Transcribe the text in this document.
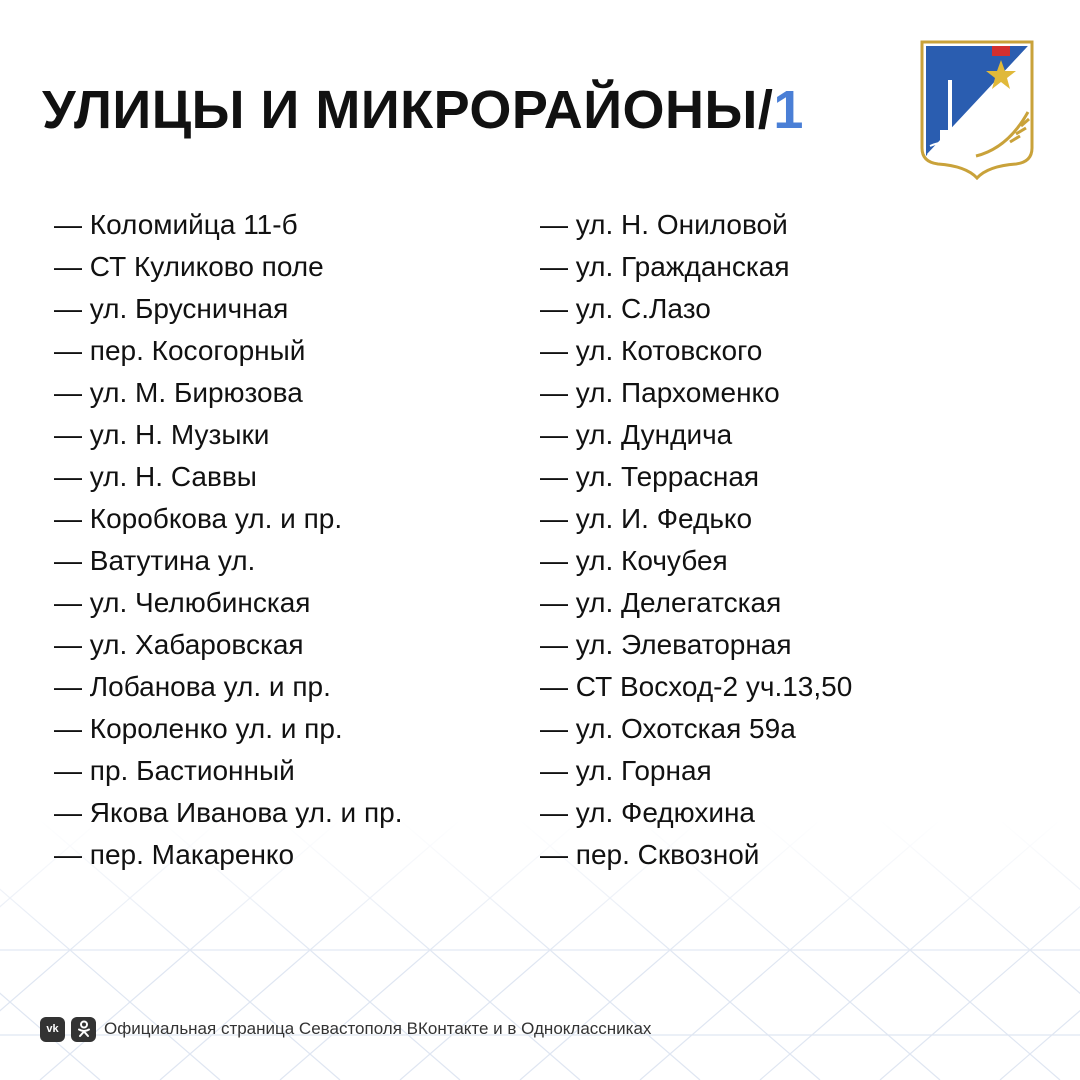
УЛИЦЫ И МИКРОРАЙОНЫ/1
— Коломийца 11-б
— СТ Куликово поле
— ул. Брусничная
— пер. Косогорный
— ул. М. Бирюзова
— ул. Н. Музыки
— ул. Н. Саввы
— Коробкова ул. и пр.
— Ватутина ул.
— ул. Челюбинская
— ул. Хабаровская
— Лобанова ул. и пр.
— Короленко ул. и пр.
— пр. Бастионный
— Якова Иванова ул. и пр.
— пер. Макаренко
— ул. Н. Ониловой
— ул. Гражданская
— ул. С.Лазо
— ул. Котовского
— ул. Пархоменко
— ул. Дундича
— ул. Террасная
— ул. И. Федько
— ул. Кочубея
— ул. Делегатская
— ул. Элеваторная
— СТ Восход-2 уч.13,50
— ул. Охотская 59а
— ул. Горная
— ул. Федюхина
— пер. Сквозной
vk	Официальная страница Севастополя ВКонтакте и в Одноклассниках
